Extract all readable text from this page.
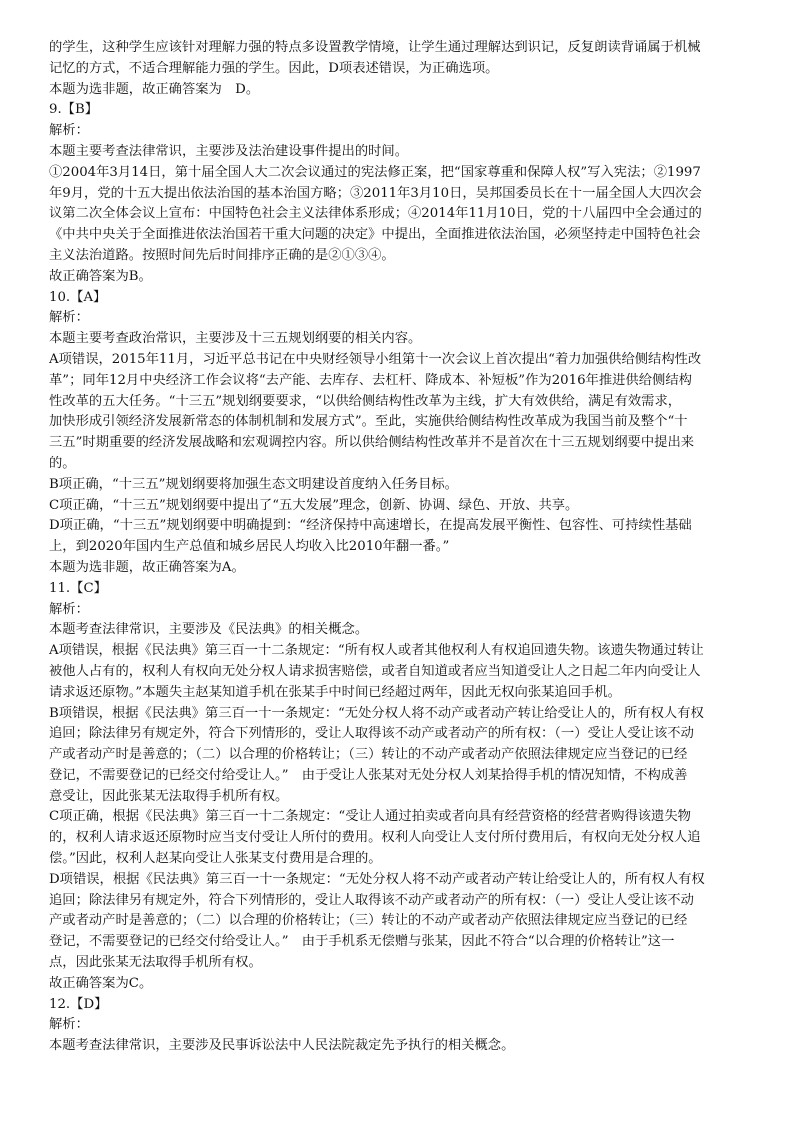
的学生，这种学生应该针对理解力强的特点多设置教学情境，让学生通过理解达到识记，反复朗读背诵属于机械
记忆的方式，不适合理解能力强的学生。因此，D项表述错误，为正确选项。
本题为选非题，故正确答案为　D。
9.【B】
解析：
本题主要考查法律常识，主要涉及法治建设事件提出的时间。
①2004年3月14日，第十届全国人大二次会议通过的宪法修正案，把“国家尊重和保障人权”写入宪法；②1997
年9月，党的十五大提出依法治国的基本治国方略；③2011年3月10日，吴邦国委员长在十一届全国人大四次会
议第二次全体会议上宣布：中国特色社会主义法律体系形成；④2014年11月10日，党的十八届四中全会通过的
《中共中央关于全面推进依法治国若干重大问题的决定》中提出，全面推进依法治国，必须坚持走中国特色社会
主义法治道路。按照时间先后时间排序正确的是②①③④。
故正确答案为B。
10.【A】
解析：
本题主要考查政治常识，主要涉及十三五规划纲要的相关内容。
A项错误，2015年11月，习近平总书记在中央财经领导小组第十一次会议上首次提出“着力加强供给侧结构性改
革”；同年12月中央经济工作会议将“去产能、去库存、去杠杆、降成本、补短板”作为2016年推进供给侧结构
性改革的五大任务。“十三五”规划纲要要求，“以供给侧结构性改革为主线，扩大有效供给，满足有效需求，
加快形成引领经济发展新常态的体制机制和发展方式”。至此，实施供给侧结构性改革成为我国当前及整个“十
三五”时期重要的经济发展战略和宏观调控内容。所以供给侧结构性改革并不是首次在十三五规划纲要中提出来
的。
B项正确，“十三五”规划纲要将加强生态文明建设首度纳入任务目标。
C项正确，“十三五”规划纲要中提出了“五大发展”理念，创新、协调、绿色、开放、共享。
D项正确，“十三五”规划纲要中明确提到：“经济保持中高速增长，在提高发展平衡性、包容性、可持续性基础
上，到2020年国内生产总值和城乡居民人均收入比2010年翻一番。”
本题为选非题，故正确答案为A。
11.【C】
解析：
本题考查法律常识，主要涉及《民法典》的相关概念。
A项错误，根据《民法典》第三百一十二条规定：“所有权人或者其他权利人有权追回遗失物。该遗失物通过转让
被他人占有的，权利人有权向无处分权人请求损害赔偿，或者自知道或者应当知道受让人之日起二年内向受让人
请求返还原物。”本题失主赵某知道手机在张某手中时间已经超过两年，因此无权向张某追回手机。
B项错误，根据《民法典》第三百一十一条规定：“无处分权人将不动产或者动产转让给受让人的，所有权人有权
追回；除法律另有规定外，符合下列情形的，受让人取得该不动产或者动产的所有权：（一）受让人受让该不动
产或者动产时是善意的；（二）以合理的价格转让；（三）转让的不动产或者动产依照法律规定应当登记的已经
登记，不需要登记的已经交付给受让人。”　由于受让人张某对无处分权人刘某拾得手机的情况知情，不构成善
意受让，因此张某无法取得手机所有权。
C项正确，根据《民法典》第三百一十二条规定：“受让人通过拍卖或者向具有经营资格的经营者购得该遗失物
的，权利人请求返还原物时应当支付受让人所付的费用。权利人向受让人支付所付费用后，有权向无处分权人追
偿。”因此，权利人赵某向受让人张某支付费用是合理的。
D项错误，根据《民法典》第三百一十一条规定：“无处分权人将不动产或者动产转让给受让人的，所有权人有权
追回；除法律另有规定外，符合下列情形的，受让人取得该不动产或者动产的所有权：（一）受让人受让该不动
产或者动产时是善意的；（二）以合理的价格转让；（三）转让的不动产或者动产依照法律规定应当登记的已经
登记，不需要登记的已经交付给受让人。”　由于手机系无偿赠与张某，因此不符合“以合理的价格转让”这一
点，因此张某无法取得手机所有权。
故正确答案为C。
12.【D】
解析：
本题考查法律常识，主要涉及民事诉讼法中人民法院裁定先予执行的相关概念。
